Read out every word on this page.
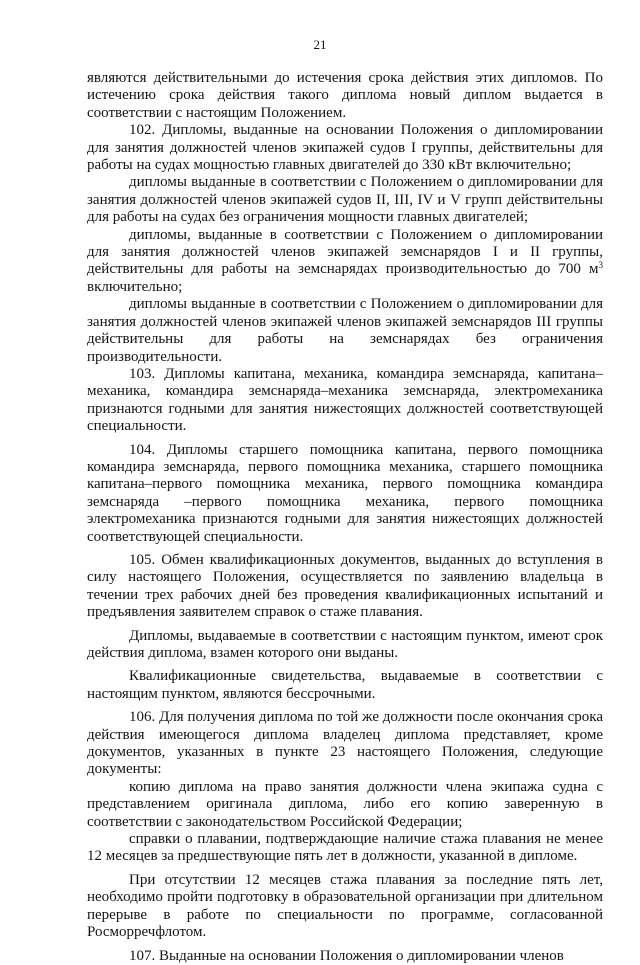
21

являются действительными до истечения срока действия этих дипломов. По истечению срока действия такого диплома новый диплом выдается в соответствии с настоящим Положением.

102. Дипломы, выданные на основании Положения о дипломировании для занятия должностей членов экипажей судов I группы, действительны для работы на судах мощностью главных двигателей до 330 кВт включительно;

дипломы выданные в соответствии с Положением о дипломировании для занятия должностей членов экипажей судов II, III, IV и V групп действительны для работы на судах без ограничения мощности главных двигателей;

дипломы, выданные в соответствии с Положением о дипломировании для занятия должностей членов экипажей земснарядов I и II группы, действительны для работы на земснарядах производительностью до 700 $м^3$ включительно;

дипломы выданные в соответствии с Положением о дипломировании для занятия должностей членов экипажей членов экипажей земснарядов III группы действительны для работы на земснарядах без ограничения производительности.

103. Дипломы капитана, механика, командира земснаряда, капитана–механика, командира земснаряда–механика земснаряда, электромеханика признаются годными для занятия нижестоящих должностей соответствующей специальности.

104. Дипломы старшего помощника капитана, первого помощника командира земснаряда, первого помощника механика, старшего помощника капитана–первого помощника механика, первого помощника командира земснаряда –первого помощника механика, первого помощника электромеханика признаются годными для занятия нижестоящих должностей соответствующей специальности.

105. Обмен квалификационных документов, выданных до вступления в силу настоящего Положения, осуществляется по заявлению владельца в течении трех рабочих дней без проведения квалификационных испытаний и предъявления заявителем справок о стаже плавания.

Дипломы, выдаваемые в соответствии с настоящим пунктом, имеют срок действия диплома, взамен которого они выданы.

Квалификационные свидетельства, выдаваемые в соответствии с настоящим пунктом, являются бессрочными.

106. Для получения диплома по той же должности после окончания срока действия имеющегося диплома владелец диплома представляет, кроме документов, указанных в пункте 23 настоящего Положения, следующие документы:

копию диплома на право занятия должности члена экипажа судна с представлением оригинала диплома, либо его копию заверенную в соответствии с законодательством Российской Федерации;

справки о плавании, подтверждающие наличие стажа плавания не менее 12 месяцев за предшествующие пять лет в должности, указанной в дипломе.

При отсутствии 12 месяцев стажа плавания за последние пять лет, необходимо пройти подготовку в образовательной организации при длительном перерыве в работе по специальности по программе, согласованной Росморречфлотом.

107. Выданные на основании Положения о дипломировании членов
